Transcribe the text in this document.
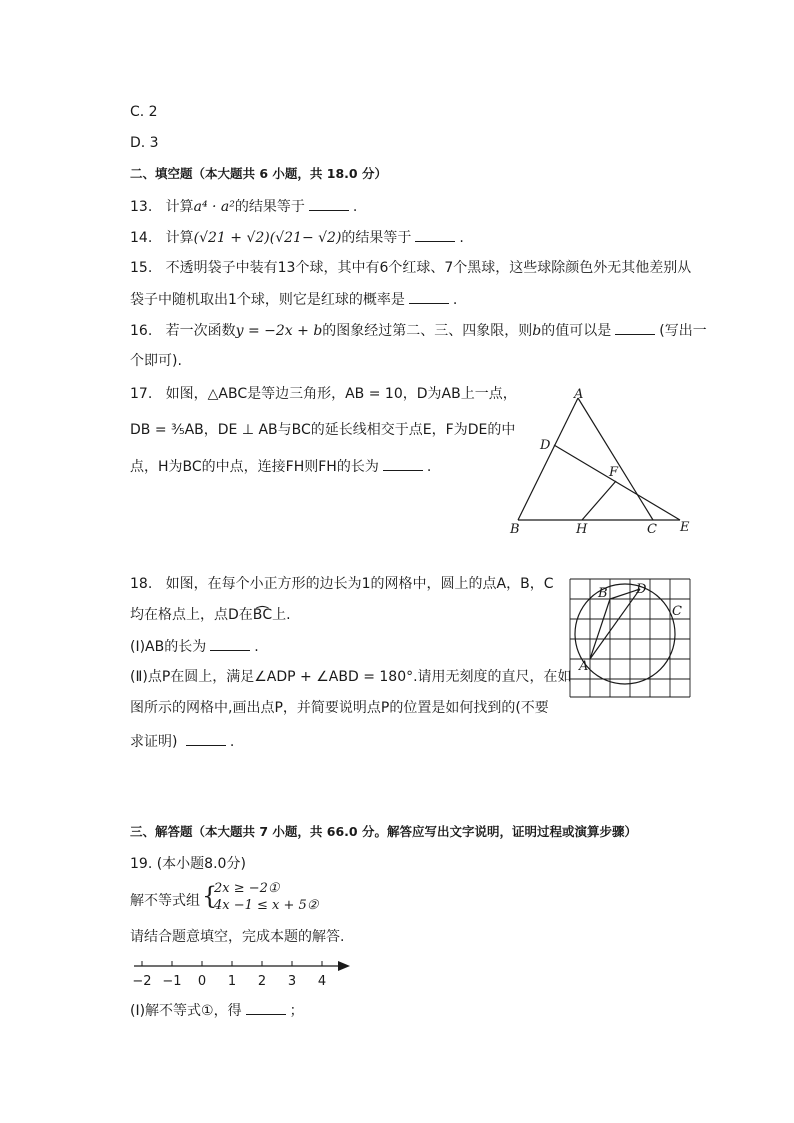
C. 2
D. 3
二、填空题（本大题共 6 小题，共 18.0 分）
13. 计算a⁴ · a²的结果等于	.
14. 计算(√21 + √2)(√21− √2)的结果等于	.
15. 不透明袋子中装有13个球，其中有6个红球、7个黑球，这些球除颜色外无其他差别从
袋子中随机取出1个球，则它是红球的概率是	.
16. 若一次函数y = −2x + b的图象经过第二、三、四象限，则b的值可以是	(写出一
个即可).
17. 如图，△ABC是等边三角形，AB = 10，D为AB上一点，
DB = ³⁄₅AB，DE ⊥ AB与BC的延长线相交于点E，F为DE的中
点，H为BC的中点，连接FH则FH的长为	.
A
D
F
B	H	C E
18. 如图，在每个小正方形的边长为1的网格中，圆上的点A，B，C
均在格点上，点D在B͡C上.
(Ⅰ)AB的长为	.
(Ⅱ)点P在圆上，满足∠ADP + ∠ABD = 180°.请用无刻度的直尺，在如
图所示的网格中,画出点P，并简要说明点P的位置是如何找到的(不要
求证明)	.
B D
C
A
三、解答题（本大题共 7 小题，共 66.0 分。解答应写出文字说明，证明过程或演算步骤）
19. (本小题8.0分)
解不等式组 {
2x ≥ −2①
4x −1 ≤ x + 5②
请结合题意填空，完成本题的解答.
−2 −1 0 1 2 3 4
(Ⅰ)解不等式①，得	；
